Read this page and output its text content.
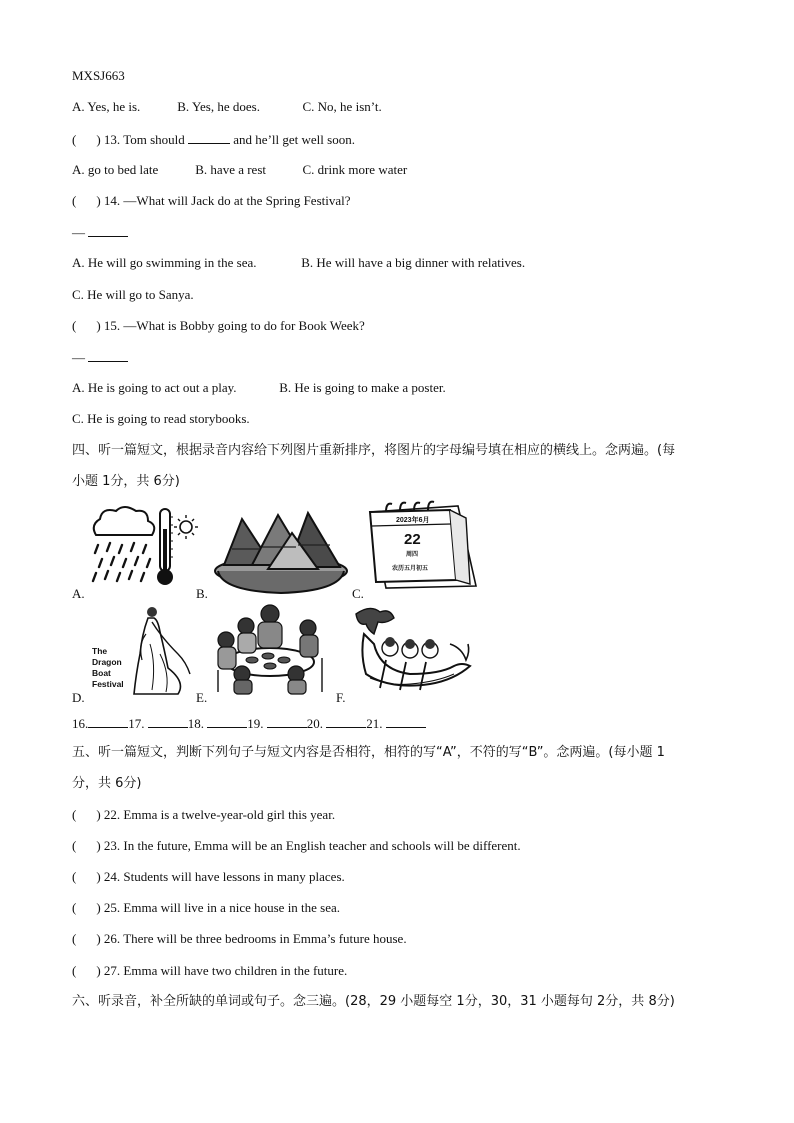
MXSJ663
A. Yes, he is.	B. Yes, he does.	C. No, he isn’t.
( ) 13. Tom should	and he’ll get well soon.
A. go to bed late	B. have a rest	C. drink more water
( ) 14. —What will Jack do at the Spring Festival?
—
A. He will go swimming in the sea.	B. He will have a big dinner with relatives.
C. He will go to Sanya.
( ) 15. —What is Bobby going to do for Book Week?
—
A. He is going to act out a play.	B. He is going to make a poster.
C. He is going to read storybooks.
四、听一篇短文，根据录音内容给下列图片重新排序，将图片的字母编号填在相应的横线上。念两遍。(每
小题 1分，共 6分)
A.	B.
2023年6月
22
周四
农历五月初五
C.
The
Dragon
Boat
Festival
D.	E.	F.
16.	17.	18.	19.	20.	21.
五、听一篇短文，判断下列句子与短文内容是否相符，相符的写“A”，不符的写“B”。念两遍。(每小题 1
分，共 6分)
( ) 22. Emma is a twelve-year-old girl this year.
( ) 23. In the future, Emma will be an English teacher and schools will be different.
( ) 24. Students will have lessons in many places.
( ) 25. Emma will live in a nice house in the sea.
( ) 26. There will be three bedrooms in Emma’s future house.
( ) 27. Emma will have two children in the future.
六、听录音，补全所缺的单词或句子。念三遍。(28，29 小题每空 1分，30，31 小题每句 2分，共 8分)
